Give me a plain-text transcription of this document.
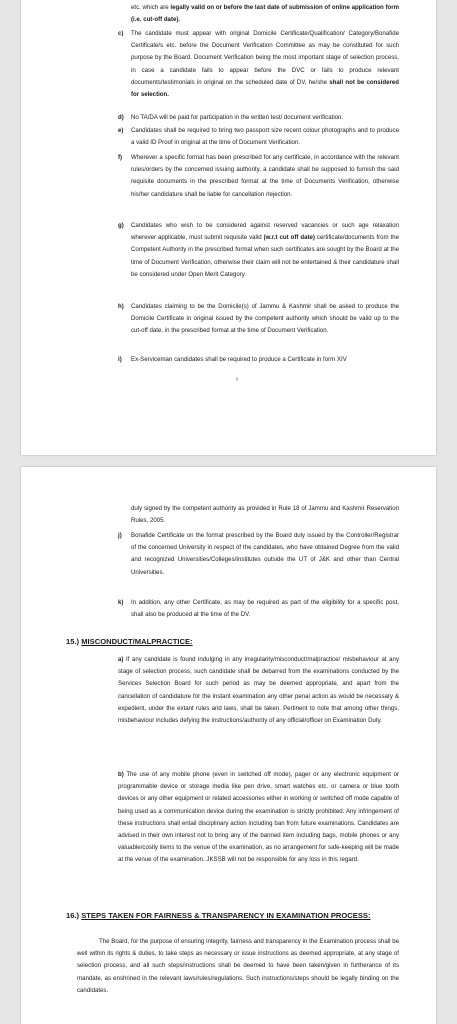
etc. which are legally valid on or before the last date of submission of online application form (i.e. cut-off date).

c) The candidate must appear with original Domicile Certificate/Qualification/ Category/Bonafide Certificate/s etc. before the Document Verification Committee as may be constituted for such purpose by the Board. Document Verification being the most important stage of selection process, in case a candidate fails to appear before the DVC or fails to produce relevant documents/testimonials in original on the scheduled date of DV, he/she shall not be considered for selection.

d) No TA/DA will be paid for participation in the written test/ document verification.

e) Candidates shall be required to bring two passport size recent colour photographs and to produce a valid ID Proof in original at the time of Document Verification.

f) Wherever a specific format has been prescribed for any certificate, in accordance with the relevant rules/orders by the concerned issuing authority, a candidate shall be supposed to furnish the said requisite documents in the prescribed format at the time of Documents Verification, otherwise his/her candidature shall be liable for cancellation /rejection.

g) Candidates who wish to be considered against reserved vacancies or such age relaxation wherever applicable, must submit requisite valid (w.r.t cut off date) certificate/documents from the Competent Authority in the prescribed format when such certificates are sought by the Board at the time of Document Verification, otherwise their claim will not be entertained & their candidature shall be considered under Open Merit Category.

h) Candidates claiming to be the Domicile(s) of Jammu & Kashmir shall be asked to produce the Domicile Certificate in original issued by the competent authority which should be valid up to the cut-off date, in the prescribed format at the time of Document Verification.

i) Ex-Serviceman candidates shall be required to produce a Certificate in form XIV

duly signed by the competent authority as provided in Rule 18 of Jammu and Kashmir Reservation Rules, 2005.

j) Bonafide Certificate on the format prescribed by the Board duly issued by the Controller/Registrar of the concerned University in respect of the candidates, who have obtained Degree from the valid and recognized Universities/Colleges/Institutes outside the UT of J&K and other than Central Universities.

k) In addition, any other Certificate, as may be required as part of the eligibility for a specific post, shall also be produced at the time of the DV.

15.) MISCONDUCT/MALPRACTICE:

a) If any candidate is found indulging in any irregularity/misconduct/malpractice/ misbehaviour at any stage of selection process, such candidate shall be debarred from the examinations conducted by the Services Selection Board for such period as may be deemed appropriate, and apart from the cancellation of candidature for the instant examination any other penal action as would be necessary & expedient, under the extant rules and laws, shall be taken. Pertinent to note that among other things, misbehaviour includes defying the instructions/authority of any official/officer on Examination Duty.

b) The use of any mobile phone (even in switched off mode), pager or any electronic equipment or programmable device or storage media like pen drive, smart watches etc. or camera or blue tooth devices or any other equipment or related accessories either in working or switched off mode capable of being used as a communication device during the examination is strictly prohibited. Any infringement of these instructions shall entail disciplinary action including ban from future examinations. Candidates are advised in their own interest not to bring any of the banned item including bags, mobile phones or any valuable/costly items to the venue of the examination, as no arrangement for safe-keeping will be made at the venue of the examination. JKSSB will not be responsible for any loss in this regard.

16.) STEPS TAKEN FOR FAIRNESS & TRANSPARENCY IN EXAMINATION PROCESS:

The Board, for the purpose of ensuring integrity, fairness and transparency in the Examination process shall be well within its rights & duties, to take steps as necessary or issue instructions as deemed appropriate, at any stage of selection process, and all such steps/instructions shall be deemed to have been taken/given in furtherance of its mandate, as enshrined in the relevant laws/rules/regulations. Such instructions/steps should be legally binding on the candidates.
